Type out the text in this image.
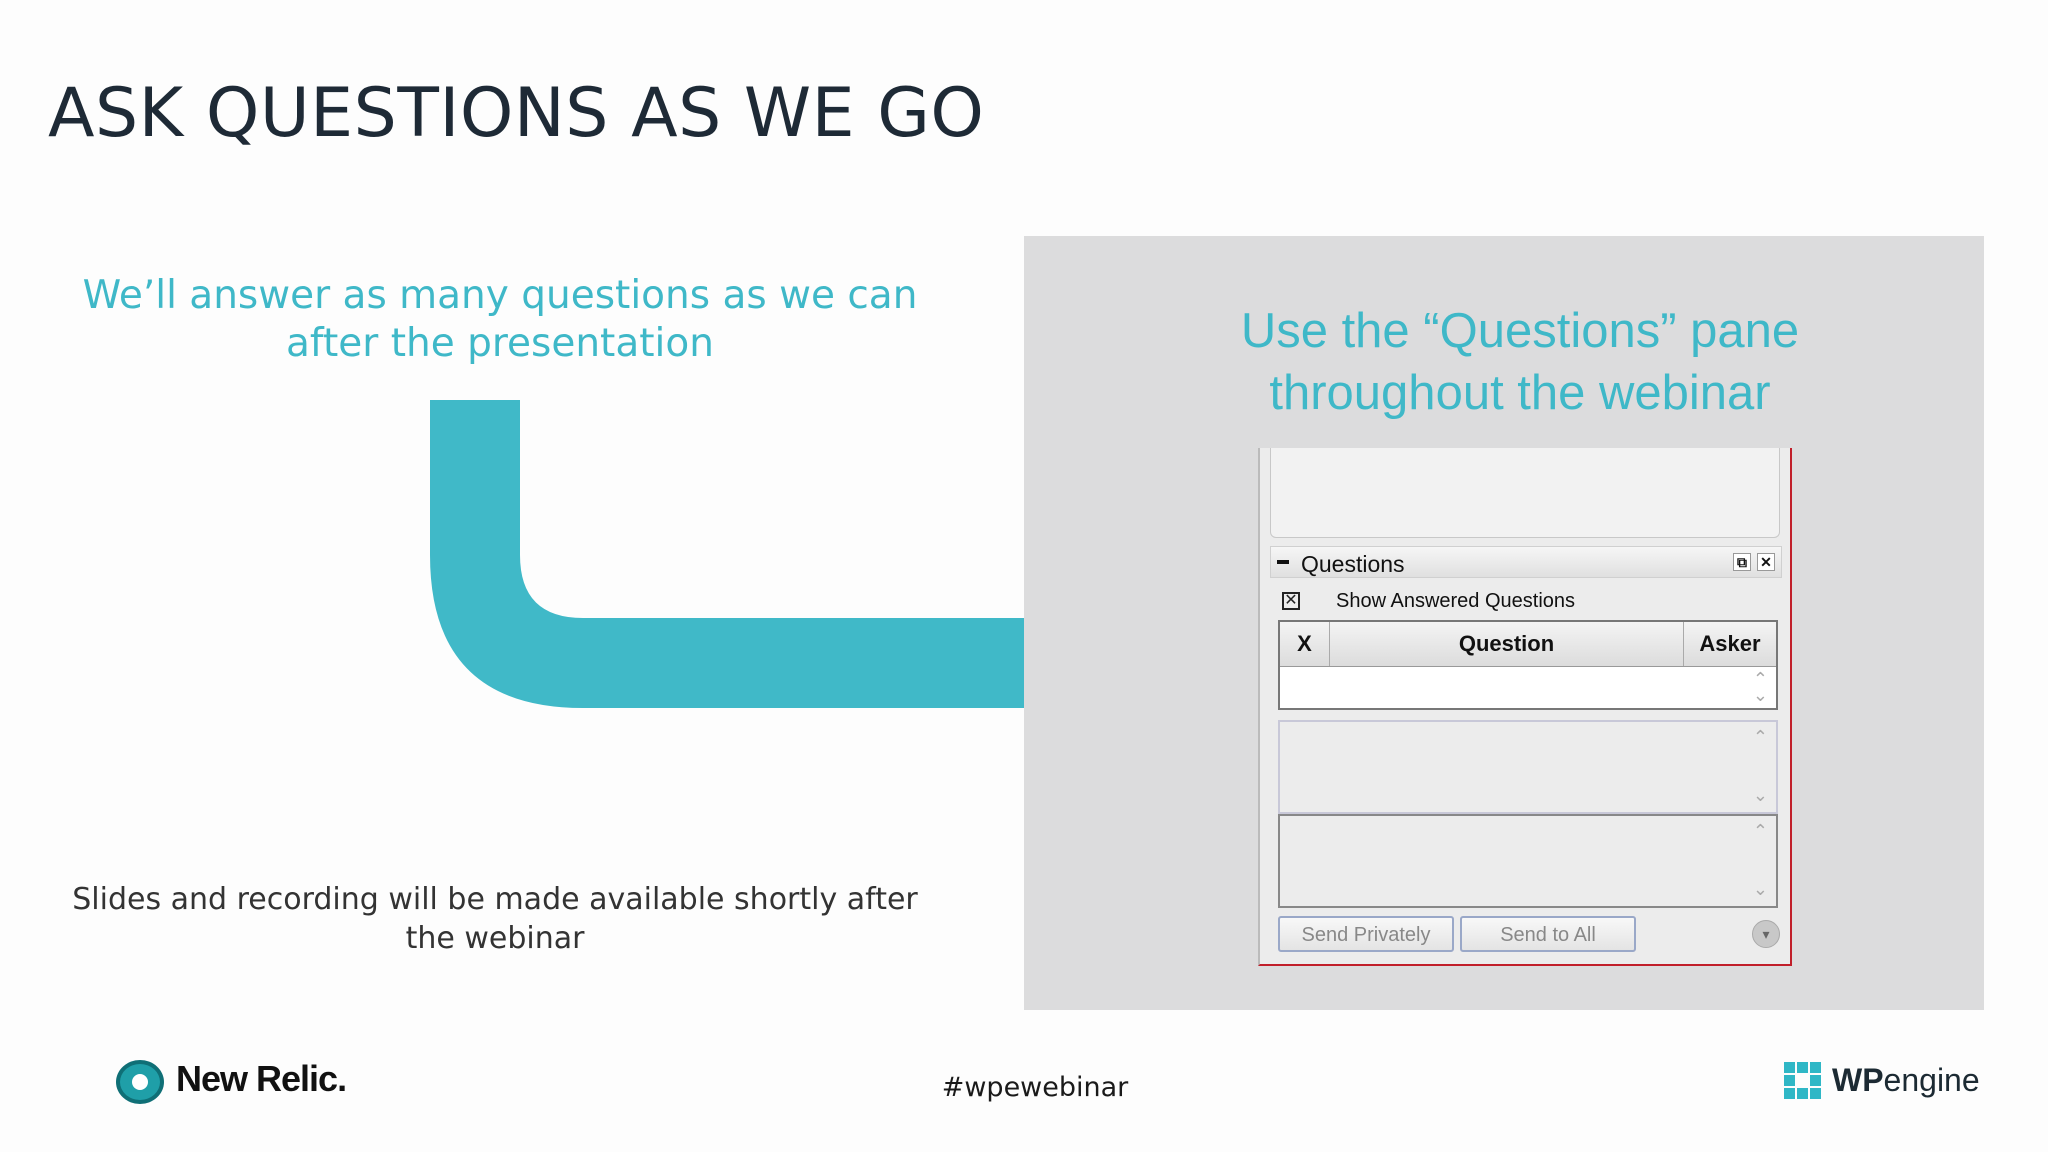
ASK QUESTIONS AS WE GO
We’ll answer as many questions as we can after the presentation
Slides and recording will be made available shortly after the webinar
Use the “Questions” pane throughout the webinar
Questions	⧉ ✕
✕ Show Answered Questions
X	Question	Asker
⌃
⌄
⌃
⌄
⌃
⌄
Send Privately	Send to All	▾
New Relic.	#wpewebinar	WPengine
